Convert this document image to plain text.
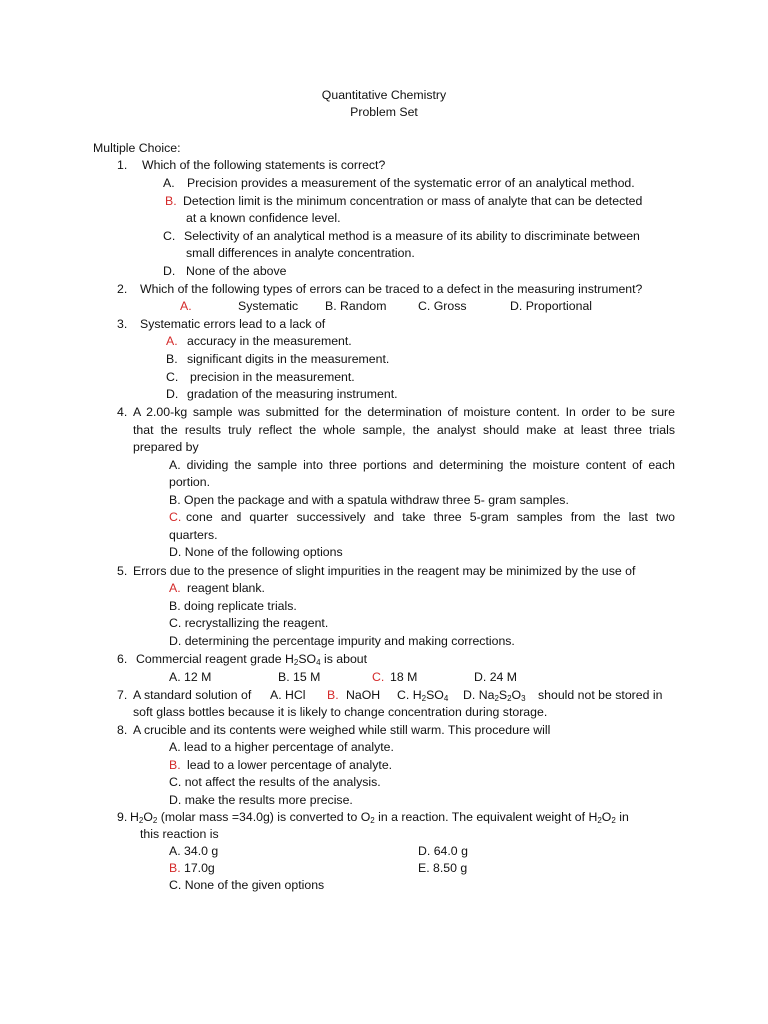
Quantitative Chemistry
Problem Set
Multiple Choice:
1. Which of the following statements is correct?
A. Precision provides a measurement of the systematic error of an analytical method.
B. Detection limit is the minimum concentration or mass of analyte that can be detected
at a known confidence level.
C. Selectivity of an analytical method is a measure of its ability to discriminate between
small differences in analyte concentration.
D. None of the above
2. Which of the following types of errors can be traced to a defect in the measuring instrument?
A.	Systematic B. Random	C. Gross	D. Proportional
3. Systematic errors lead to a lack of
A. accuracy in the measurement.
B. significant digits in the measurement.
C. precision in the measurement.
D. gradation of the measuring instrument.
4. A 2.00-kg sample was submitted for the determination of moisture content. In order to be sure
that the results truly reflect the whole sample, the analyst should make at least three trials
prepared by
A. dividing the sample into three portions and determining the moisture content of each
portion.
B. Open the package and with a spatula withdraw three 5- gram samples.
C. cone and quarter successively and take three 5-gram samples from the last two
quarters.
D. None of the following options
5. Errors due to the presence of slight impurities in the reagent may be minimized by the use of
A. reagent blank.
B. doing replicate trials.
C. recrystallizing the reagent.
D. determining the percentage impurity and making corrections.
6. Commercial reagent grade $H_2SO_4$ is about
A. 12 M	B. 15 M	C. 18 M	D. 24 M
7. A standard solution of A. HCl B. NaOH C. $H_2SO_4$ D. $Na_2S_2O_3$ should not be stored in
soft glass bottles because it is likely to change concentration during storage.
8. A crucible and its contents were weighed while still warm. This procedure will
A. lead to a higher percentage of analyte.
B. lead to a lower percentage of analyte.
C. not affect the results of the analysis.
D. make the results more precise.
9. $H_2O_2$ (molar mass =34.0g) is converted to $O_2$ in a reaction. The equivalent weight of $H_2O_2$ in
this reaction is
A. 34.0 g	D. 64.0 g
B. 17.0g	E. 8.50 g
C. None of the given options
